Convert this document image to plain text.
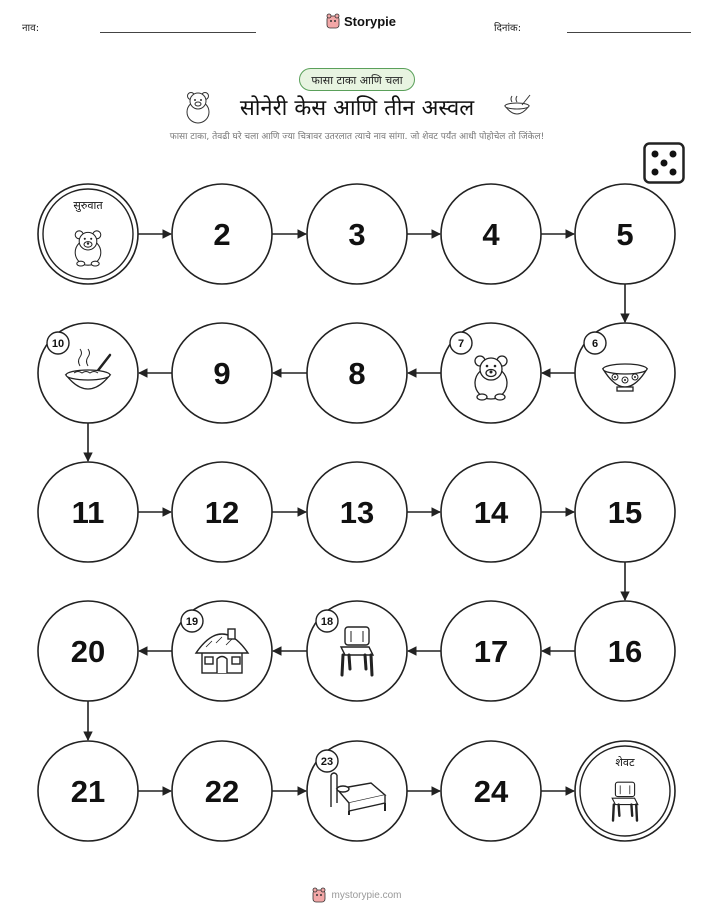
नाव:	Storypie	दिनांक:
फासा टाका आणि चला
सोनेरी केस आणि तीन अस्वल
फासा टाका, तेवढी घरे चला आणि ज्या चित्रावर उतरलात त्याचे नाव सांगा. जो शेवट पर्यंत आधी पोहोचेल तो जिंकेल!
सुरुवात
2	3	4	5
6
7
8
9
10
11	12	13	14	15
16
17
18
19
20
21	22
23
24
शेवट
mystorypie.com
